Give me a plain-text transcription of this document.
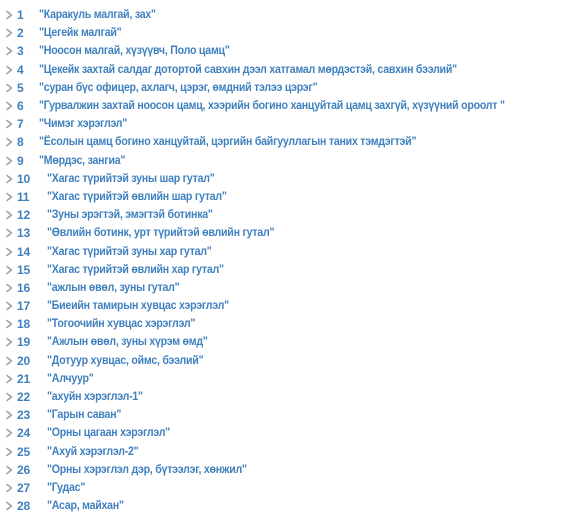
1	"Каракуль малгай, зах"
2	"Цегейк малгай"
3	"Ноосон малгай, хүзүүвч, Поло цамц"
4	"Цекейк захтай салдаг дотортой савхин дээл хатгамал мөрдэстэй, савхин бээлий"
5	"суран бүс офицер, ахлагч, цэрэг, өмдний тэлээ цэрэг"
6	"Гурвалжин захтай ноосон цамц, хээрийн богино ханцуйтай цамц захгүй, хүзүүний ороолт "
7	"Чимэг хэрэглэл"
8	"Ёсолын цамц богино ханцуйтай, цэргийн байгууллагын таних тэмдэгтэй"
9	"Мөрдэс, зангиа"
10	"Хагас түрийтэй зуны шар гутал"
11	"Хагас түрийтэй өвлийн шар гутал"
12	"Зуны эрэгтэй, эмэгтэй ботинка"
13	"Өвлийн ботинк, урт түрийтэй өвлийн гутал"
14	"Хагас түрийтэй зуны хар гутал"
15	"Хагас түрийтэй өвлийн хар гутал"
16	"ажлын өвөл, зуны гутал"
17	"Биеийн тамирын хувцас хэрэглэл"
18	"Тогоочийн хувцас хэрэглэл"
19	"Ажлын өвөл, зуны хүрэм өмд"
20	"Дотуур хувцас, оймс, бээлий"
21	"Алчуур"
22	"ахуйн хэрэглэл-1"
23	"Гарын саван"
24	"Орны цагаан хэрэглэл"
25	"Ахуй хэрэглэл-2"
26	"Орны хэрэглэл дэр, бүтээлэг, хөнжил"
27	"Гудас"
28	"Асар, майхан"
